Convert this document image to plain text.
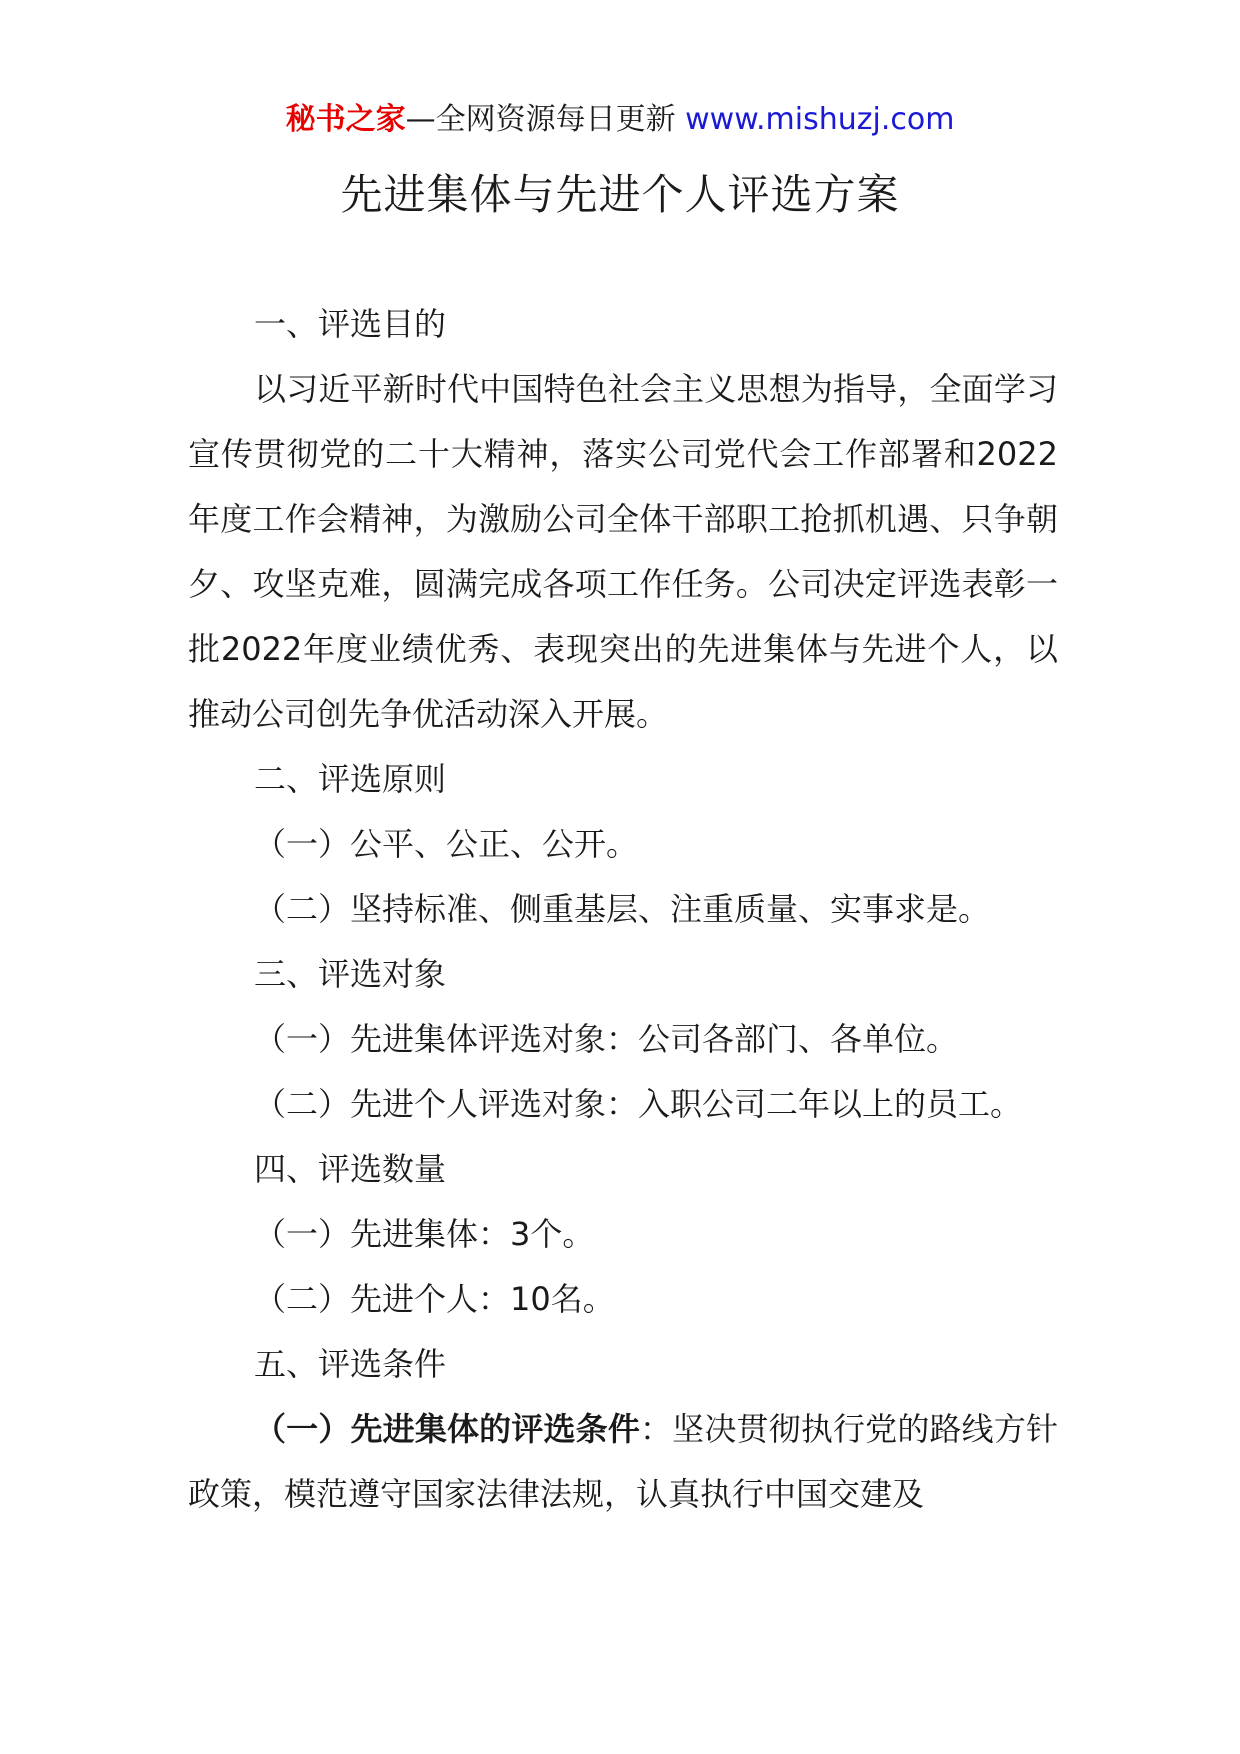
秘书之家—全网资源每日更新 www.mishuzj.com
先进集体与先进个人评选方案

一、评选目的

以习近平新时代中国特色社会主义思想为指导，全面学习宣传贯彻党的二十大精神，落实公司党代会工作部署和2022年度工作会精神，为激励公司全体干部职工抢抓机遇、只争朝夕、攻坚克难，圆满完成各项工作任务。公司决定评选表彰一批2022年度业绩优秀、表现突出的先进集体与先进个人，以推动公司创先争优活动深入开展。

二、评选原则

（一）公平、公正、公开。

（二）坚持标准、侧重基层、注重质量、实事求是。

三、评选对象

（一）先进集体评选对象：公司各部门、各单位。

（二）先进个人评选对象：入职公司二年以上的员工。

四、评选数量

（一）先进集体：3个。

（二）先进个人：10名。

五、评选条件

（一）先进集体的评选条件：坚决贯彻执行党的路线方针政策，模范遵守国家法律法规，认真执行中国交建及
